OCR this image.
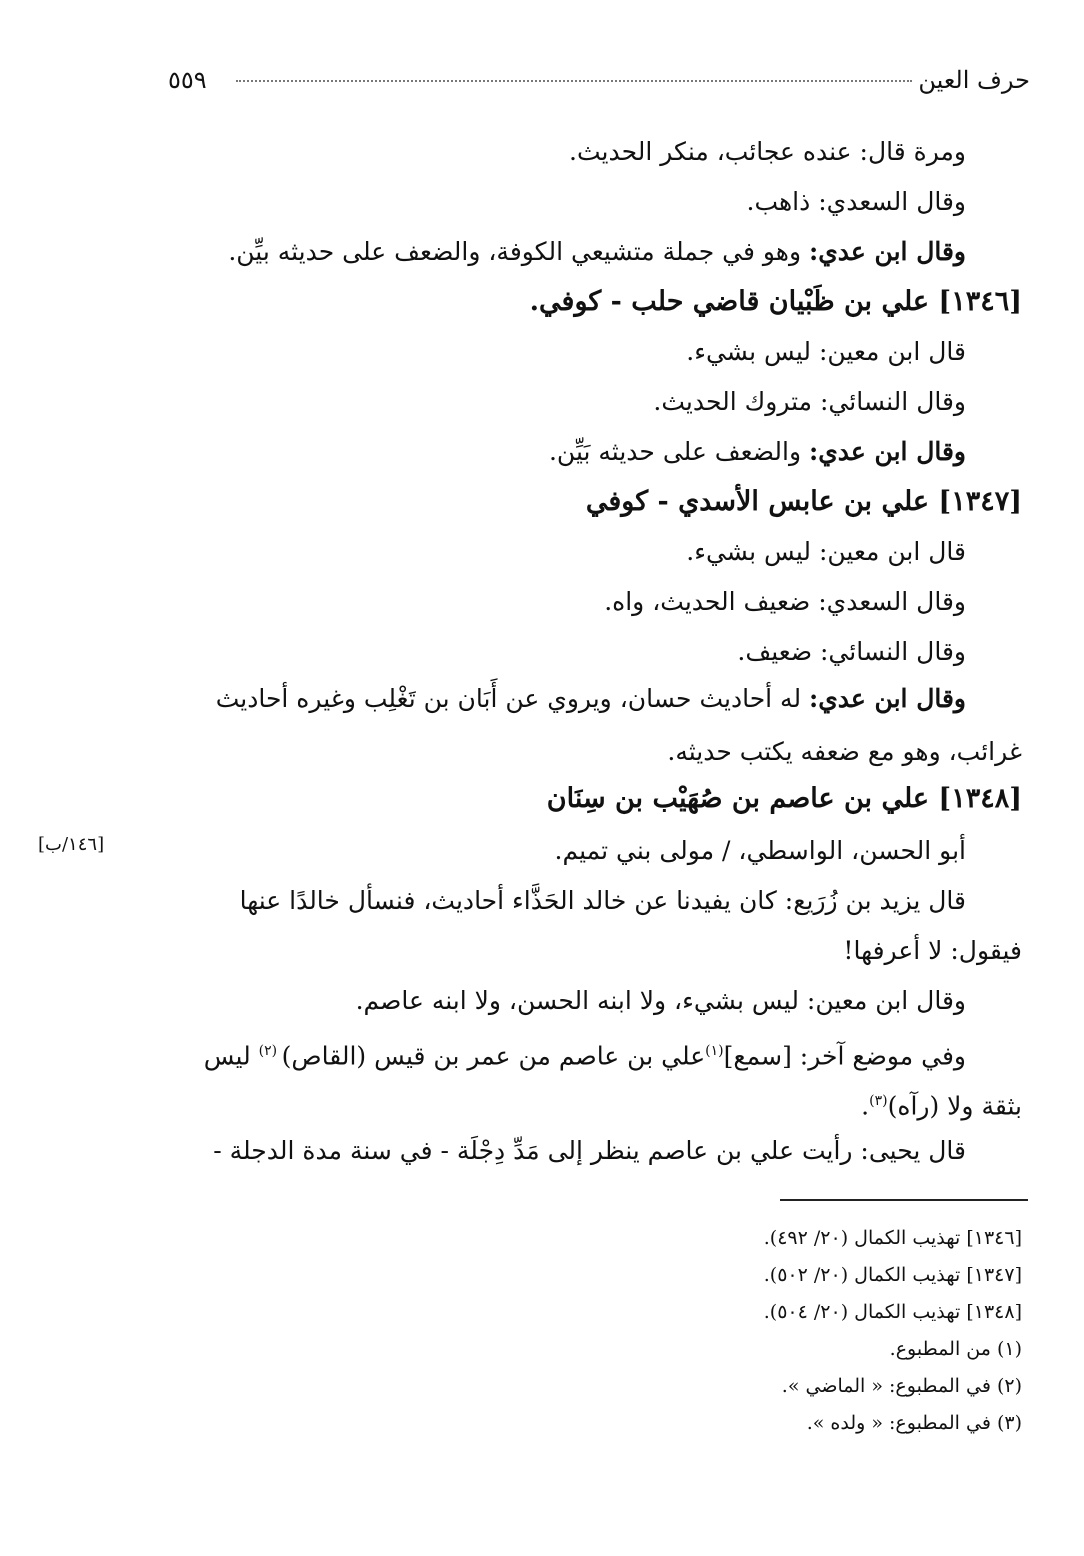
٥٥٩	حرف العين
ومرة قال: عنده عجائب، منكر الحديث.
وقال السعدي: ذاهب.
وقال ابن عدي: وهو في جملة متشيعي الكوفة، والضعف على حديثه بيِّن.
[١٣٤٦] علي بن ظَبْيان قاضي حلب - كوفي.
قال ابن معين: ليس بشيء.
وقال النسائي: متروك الحديث.
وقال ابن عدي: والضعف على حديثه بَيِّن.
[١٣٤٧] علي بن عابس الأسدي - كوفي
قال ابن معين: ليس بشيء.
وقال السعدي: ضعيف الحديث، واه.
وقال النسائي: ضعيف.
وقال ابن عدي: له أحاديث حسان، ويروي عن أَبَان بن تَغْلِب وغيره أحاديث
غرائب، وهو مع ضعفه يكتب حديثه.
[١٣٤٨] علي بن عاصم بن صُهَيْب بن سِنَان
أبو الحسن، الواسطي، / مولى بني تميم.
[١٤٦/ب]
قال يزيد بن زُرَيع: كان يفيدنا عن خالد الحَذَّاء أحاديث، فنسأل خالدًا عنها
فيقول: لا أعرفها!
وقال ابن معين: ليس بشيء، ولا ابنه الحسن، ولا ابنه عاصم.
وفي موضع آخر: [سمع]$^{(١)}$علي بن عاصم من عمر بن قيس (القاص) $^{(٢)}$ ليس
بثقة ولا (رآه)$^{(٣)}$.
قال يحيى: رأيت علي بن عاصم ينظر إلى مَدِّ دِجْلَة - في سنة مدة الدجلة -
[١٣٤٦] تهذيب الكمال (٢٠/ ٤٩٢).
[١٣٤٧] تهذيب الكمال (٢٠/ ٥٠٢).
[١٣٤٨] تهذيب الكمال (٢٠/ ٥٠٤).
(١) من المطبوع.
(٢) في المطبوع: « الماضي ».
(٣) في المطبوع: « ولده ».
